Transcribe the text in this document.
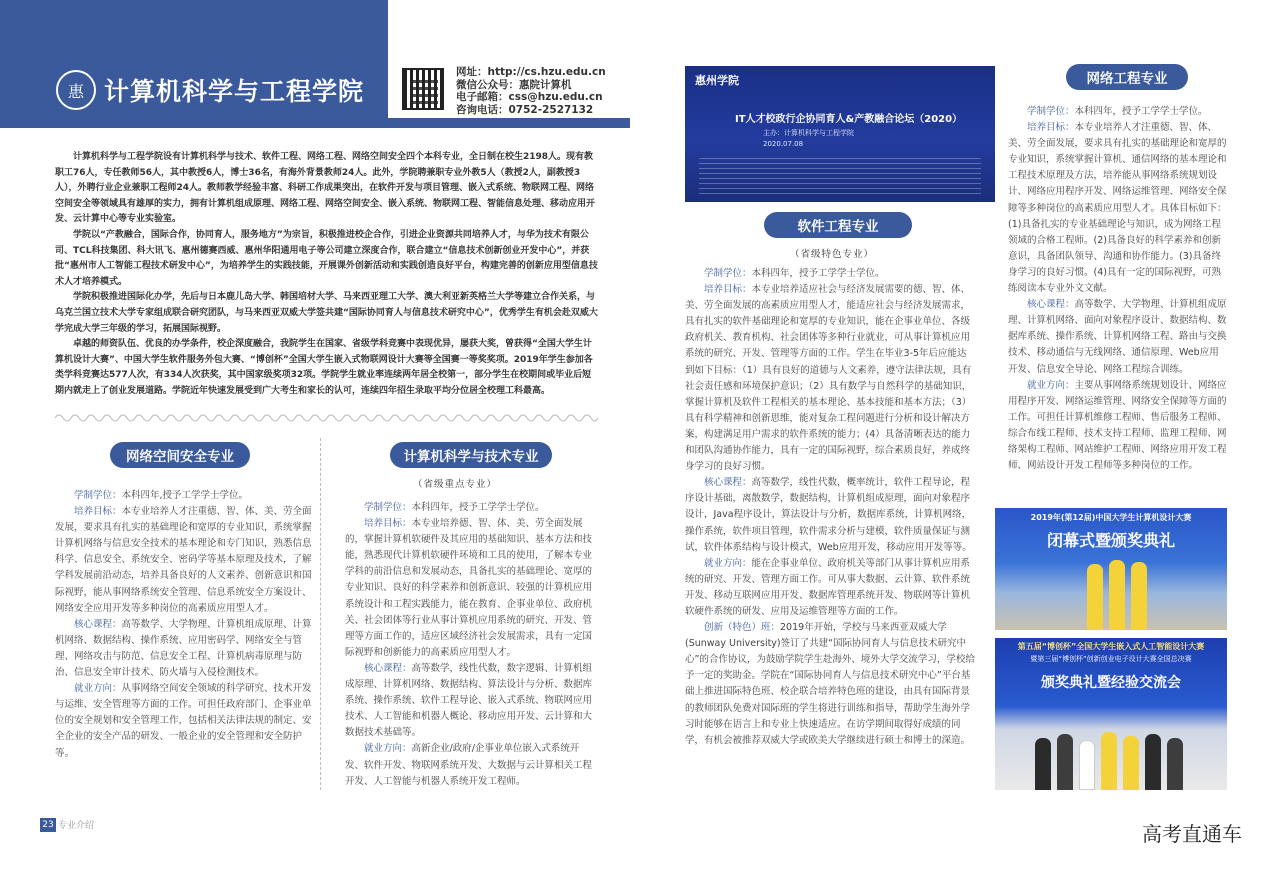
惠 计算机科学与工程学院
网址：http://cs.hzu.edu.cn
微信公众号：惠院计算机
电子邮箱：css@hzu.edu.cn
咨询电话：0752-2527132

计算机科学与工程学院设有计算机科学与技术、软件工程、网络工程、网络空间安全四个本科专业，全日制在校生2198人。现有教职工76人，专任教师56人，其中教授6人，博士36名，有海外背景教师24人。此外，学院聘兼职专业外教5人（教授2人，副教授3人），外聘行业企业兼职工程师24人。教师教学经验丰富、科研工作成果突出，在软件开发与项目管理、嵌入式系统、物联网工程、网络空间安全等领域具有雄厚的实力，拥有计算机组成原理、网络工程、网络空间安全、嵌入系统、物联网工程、智能信息处理、移动应用开发、云计算中心等专业实验室。

学院以“产教融合，国际合作，协同育人，服务地方”为宗旨，积极推进校企合作，引进企业资源共同培养人才，与华为技术有限公司、TCL科技集团、科大讯飞、惠州德赛西威、惠州华阳通用电子等公司建立深度合作，联合建立“信息技术创新创业开发中心”，并获批“惠州市人工智能工程技术研发中心”，为培养学生的实践技能，开展课外创新活动和实践创造良好平台，构建完善的创新应用型信息技术人才培养模式。

学院积极推进国际化办学，先后与日本鹿儿岛大学、韩国培材大学、马来西亚理工大学、澳大利亚新英格兰大学等建立合作关系，与乌克兰国立技术大学专家组成联合研究团队，与马来西亚双威大学签共建“国际协同育人与信息技术研究中心”，优秀学生有机会赴双威大学完成大学三年级的学习，拓展国际视野。

卓越的师资队伍、优良的办学条件，校企深度融合，我院学生在国家、省级学科竞赛中表现优异，屡获大奖，曾获得“全国大学生计算机设计大赛”、中国大学生软件服务外包大赛、“博创杯”全国大学生嵌入式物联网设计大赛等全国赛一等奖奖项。2019年学生参加各类学科竞赛达577人次，有334人次获奖，其中国家级奖项32项。学院学生就业率连续两年居全校第一，部分学生在校期间或毕业后短期内就走上了创业发展道路。学院近年快速发展受到广大考生和家长的认可，连续四年招生录取平均分位居全校理工科最高。

网络空间安全专业

学制学位：本科四年,授予工学学士学位。

培养目标：本专业培养人才注重德、智、体、美、劳全面发展，要求具有扎实的基础理论和宽厚的专业知识，系统掌握计算机网络与信息安全技术的基本理论和专门知识，熟悉信息科学、信息安全、系统安全、密码学等基本原理及技术，了解学科发展前沿动态，培养具备良好的人文素养、创新意识和国际视野，能从事网络系统安全管理、信息系统安全方案设计、网络安全应用开发等多种岗位的高素质应用型人才。

核心课程：高等数学、大学物理、计算机组成原理、计算机网络、数据结构、操作系统、应用密码学、网络安全与管理、网络攻击与防范、信息安全工程、计算机病毒原理与防治、信息安全审计技术、防火墙与入侵检测技术。

就业方向：从事网络空间安全领域的科学研究、技术开发与运维、安全管理等方面的工作。可担任政府部门、企事业单位的安全规划和安全管理工作，包括相关法律法规的制定、安全企业的安全产品的研发、一般企业的安全管理和安全防护等。

计算机科学与技术专业
（省级重点专业）

学制学位：本科四年，授予工学学士学位。

培养目标：本专业培养德、智、体、美、劳全面发展的，掌握计算机软硬件及其应用的基础知识、基本方法和技能，熟悉现代计算机软硬件环境和工具的使用，了解本专业学科的前沿信息和发展动态，具备扎实的基础理论、宽厚的专业知识、良好的科学素养和创新意识、较强的计算机应用系统设计和工程实践能力，能在教育、企事业单位、政府机关、社会团体等行业从事计算机应用系统的研究、开发、管理等方面工作的，适应区域经济社会发展需求，具有一定国际视野和创新能力的高素质应用型人才。

核心课程：高等数学，线性代数，数字逻辑、计算机组成原理、计算机网络、数据结构、算法设计与分析、数据库系统、操作系统、软件工程导论、嵌入式系统、物联网应用技术、人工智能和机器人概论、移动应用开发、云计算和大数据技术基础等。

就业方向：高新企业/政府/企事业单位嵌入式系统开发、软件开发、物联网系统开发、大数据与云计算相关工程开发、人工智能与机器人系统开发工程师。

惠州学院
IT人才校政行企协同育人&产教融合论坛（2020）
主办：计算机科学与工程学院
2020.07.08
软件工程专业
（省级特色专业）

学制学位：本科四年，授予工学学士学位。

培养目标：本专业培养适应社会与经济发展需要的德、智、体、美、劳全面发展的高素质应用型人才，能适应社会与经济发展需求，具有扎实的软件基础理论和宽厚的专业知识，能在企事业单位、各级政府机关、教育机构、社会团体等多种行业就业，可从事计算机应用系统的研究、开发、管理等方面的工作。学生在毕业3-5年后应能达到如下目标：（1）具有良好的道德与人文素养，遵守法律法规，具有社会责任感和环境保护意识；（2）具有数学与自然科学的基础知识，掌握计算机及软件工程相关的基本理论、基本技能和基本方法；（3）具有科学精神和创新思维，能对复杂工程问题进行分析和设计解决方案，构建满足用户需求的软件系统的能力；(4）具备清晰表达的能力和团队沟通协作能力，具有一定的国际视野，综合素质良好，养成终身学习的良好习惯。

核心课程：高等数学，线性代数，概率统计，软件工程导论，程序设计基础，离散数学，数据结构，计算机组成原理，面向对象程序设计，Java程序设计，算法设计与分析，数据库系统，计算机网络，操作系统，软件项目管理，软件需求分析与建模，软件质量保证与测试，软件体系结构与设计模式，Web应用开发，移动应用开发等等。

就业方向：能在企事业单位、政府机关等部门从事计算机应用系统的研究、开发、管理方面工作。可从事大数据、云计算、软件系统开发、移动互联网应用开发、数据库管理系统开发、物联网等计算机软硬件系统的研发、应用及运维管理等方面的工作。

创新（特色）班：2019年开始，学校与马来西亚双威大学(Sunway University)签订了共建“国际协同育人与信息技术研究中心”的合作协议，为鼓励学院学生赴海外、境外大学交流学习，学校给予一定的奖助金。学院在“国际协同育人与信息技术研究中心”平台基础上推进国际特色班、校企联合培养特色班的建设，由具有国际背景的教师团队免费对国际班的学生将进行训练和指导，帮助学生海外学习时能够在语言上和专业上快速适应。在访学期间取得好成绩的同学，有机会被推荐双威大学或欧美大学继续进行硕士和博士的深造。

网络工程专业

学制学位：本科四年，授予工学学士学位。

培养目标：本专业培养人才注重德、智、体、美、劳全面发展，要求具有扎实的基础理论和宽厚的专业知识，系统掌握计算机、通信网络的基本理论和工程技术原理及方法，培养能从事网络系统规划设计、网络应用程序开发、网络运维管理、网络安全保障等多种岗位的高素质应用型人才。具体目标如下：(1)具备扎实的专业基础理论与知识，成为网络工程领域的合格工程师。(2)具备良好的科学素养和创新意识，具备团队领导、沟通和协作能力。(3)具备终身学习的良好习惯。(4)具有一定的国际视野，可熟练阅读本专业外文文献。

核心课程：高等数学、大学物理、计算机组成原理、计算机网络、面向对象程序设计、数据结构、数据库系统、操作系统、计算机网络工程、路由与交换技术、移动通信与无线网络、通信原理、Web应用开发、信息安全导论、网络工程综合训练。

就业方向：主要从事网络系统规划设计、网络应用程序开发、网络运维管理、网络安全保障等方面的工作。可担任计算机维修工程师、售后服务工程师、综合布线工程师、技术支持工程师、监理工程师、网络架构工程师、网站维护工程师、网络应用开发工程师、网站设计开发工程师等多种岗位的工作。

2019年(第12届)中国大学生计算机设计大赛
闭幕式暨颁奖典礼
第五届“博创杯”全国大学生嵌入式人工智能设计大赛
暨第三届“博创杯”创新创业电子设计大赛全国总决赛
颁奖典礼暨经验交流会
23 专业介绍	高考直通车
